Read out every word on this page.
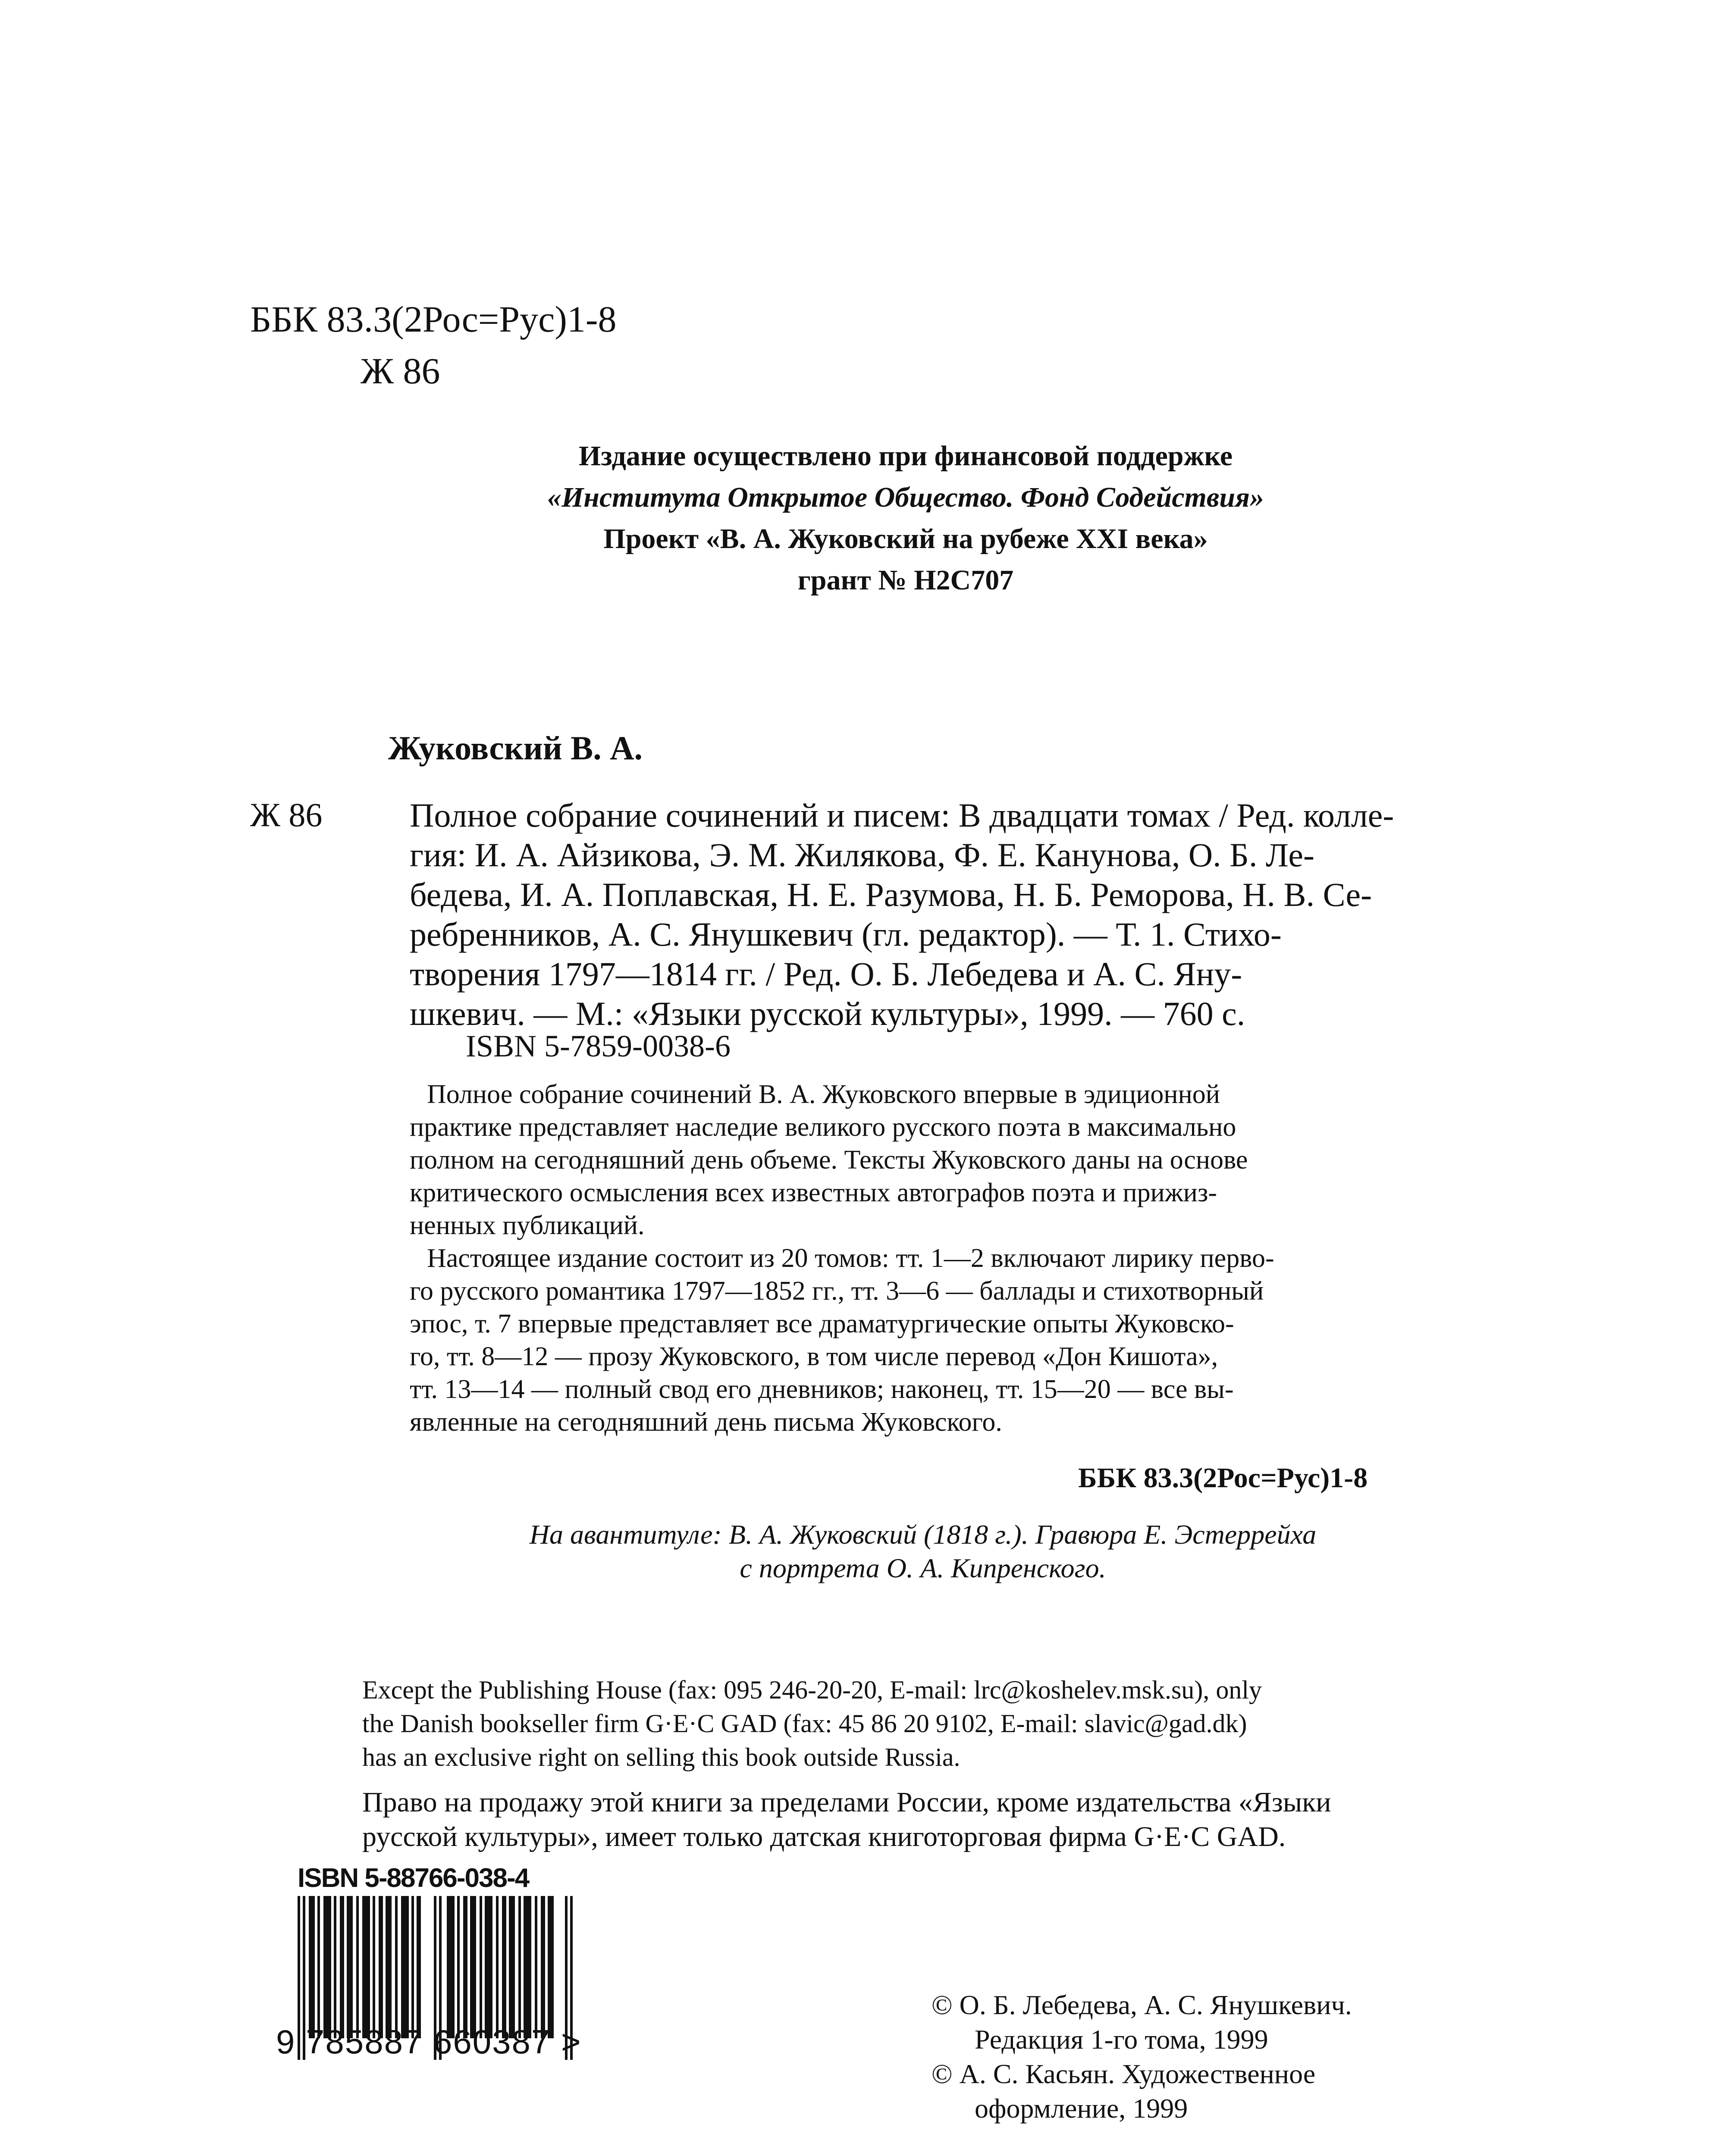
ББК 83.3(2Рос=Рус)1-8
Ж 86
Издание осуществлено при финансовой поддержке
«Института Открытое Общество. Фонд Содействия»
Проект «В. А. Жуковский на рубеже XXI века»
грант № Н2С707
Жуковский В. А.
Ж 86	Полное собрание сочинений и писем: В двадцати томах / Ред. колле-
гия: И. А. Айзикова, Э. М. Жилякова, Ф. Е. Канунова, О. Б. Ле-
бедева, И. А. Поплавская, Н. Е. Разумова, Н. Б. Реморова, Н. В. Се-
ребренников, А. С. Янушкевич (гл. редактор). — Т. 1. Стихо-
творения 1797—1814 гг. / Ред. О. Б. Лебедева и А. С. Яну-
шкевич. — М.: «Языки русской культуры», 1999. — 760 с.
ISBN 5-7859-0038-6
Полное собрание сочинений В. А. Жуковского впервые в эдиционной
практике представляет наследие великого русского поэта в максимально
полном на сегодняшний день объеме. Тексты Жуковского даны на основе
критического осмысления всех известных автографов поэта и прижиз-
ненных публикаций.
Настоящее издание состоит из 20 томов: тт. 1—2 включают лирику перво-
го русского романтика 1797—1852 гг., тт. 3—6 — баллады и стихотворный
эпос, т. 7 впервые представляет все драматургические опыты Жуковско-
го, тт. 8—12 — прозу Жуковского, в том числе перевод «Дон Кишота»,
тт. 13—14 — полный свод его дневников; наконец, тт. 15—20 — все вы-
явленные на сегодняшний день письма Жуковского.
ББК 83.3(2Рос=Рус)1-8
На авантитуле: В. А. Жуковский (1818 г.). Гравюра Е. Эстеррейха
с портрета О. А. Кипренского.
Except the Publishing House (fax: 095 246-20-20, E-mail: lrc@koshelev.msk.su), only
the Danish bookseller firm G·E·C GAD (fax: 45 86 20 9102, E-mail: slavic@gad.dk)
has an exclusive right on selling this book outside Russia.
Право на продажу этой книги за пределами России, кроме издательства «Языки
русской культуры», имеет только датская книготорговая фирма G·E·C GAD.
ISBN 5-88766-038-4
9 785887 660387 >
© О. Б. Лебедева, А. С. Янушкевич.
Редакция 1-го тома, 1999
© А. С. Касьян. Художественное
оформление, 1999
